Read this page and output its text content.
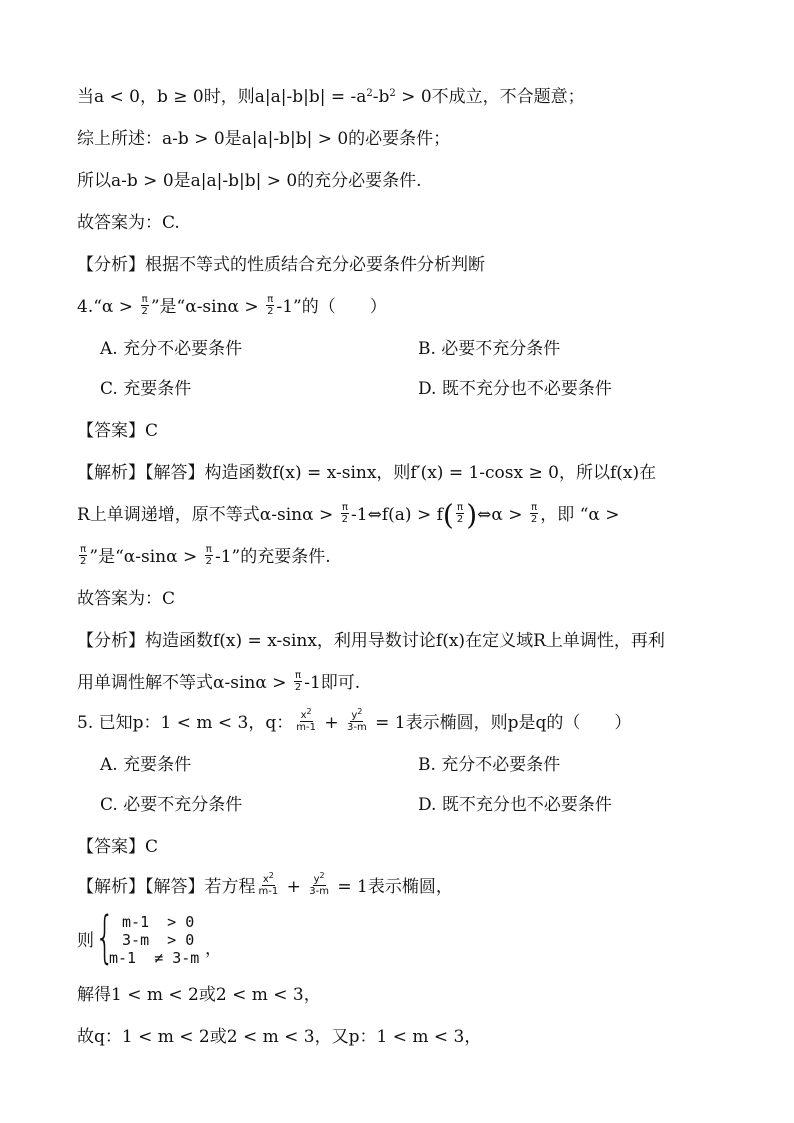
当a < 0，b ≥ 0时，则$a|a|-b|b| = -a^2-b^2 > 0$不成立，不合题意；
综上所述：a-b > 0是a|a|-b|b| > 0的必要条件；
所以a-b > 0是a|a|-b|b| > 0的充分必要条件.
故答案为：C.
【分析】根据不等式的性质结合充分必要条件分析判断
4.“α > $\frac{\pi}{2}$ ”是“$\alpha-\sin\alpha > \frac{\pi}{2} -1$”的（　　）
A. 充分不必要条件	B. 必要不充分条件
C. 充要条件	D. 既不充分也不必要条件
【答案】C
【解析】【解答】构造函数f(x) = x-sinx，则f′(x) = 1-cosx ≥ 0，所以f(x)在
R上单调递增，原不等式$\alpha-\sin\alpha > \frac{\pi}{2}$ -1⇔f(a) > $f( \frac{\pi}{2}$ )⇔α > $\frac{\pi}{2}$ ，即 “α >
$\frac{\pi}{2}$ ”是“$\alpha-\sin\alpha > \frac{\pi}{2} -1$”的充要条件.
故答案为：C
【分析】构造函数f(x) = x-sinx，利用导数讨论f(x)在定义域R上单调性，再利
用单调性解不等式$\alpha-\sin\alpha > \frac{\pi}{2} -1$即可.
5. 已知p：1 < m < 3，q： $\frac{x^2}{m-1} + \frac{y^2}{3-m} = 1$表示椭圆，则p是q的（　　）
A. 充要条件	B. 充分不必要条件
C. 必要不充分条件	D. 既不充分也不必要条件
【答案】C
【解析】【解答】若方程 $\frac{x^2}{m-1} + \frac{y^2}{3-m} = 1$表示椭圆，
则 {
m-1  > 0
3-m  > 0
m-1  ≠ 3-m ，
解得1 < m < 2或2 < m < 3，
故q：1 < m < 2或2 < m < 3，又p：1 < m < 3，
